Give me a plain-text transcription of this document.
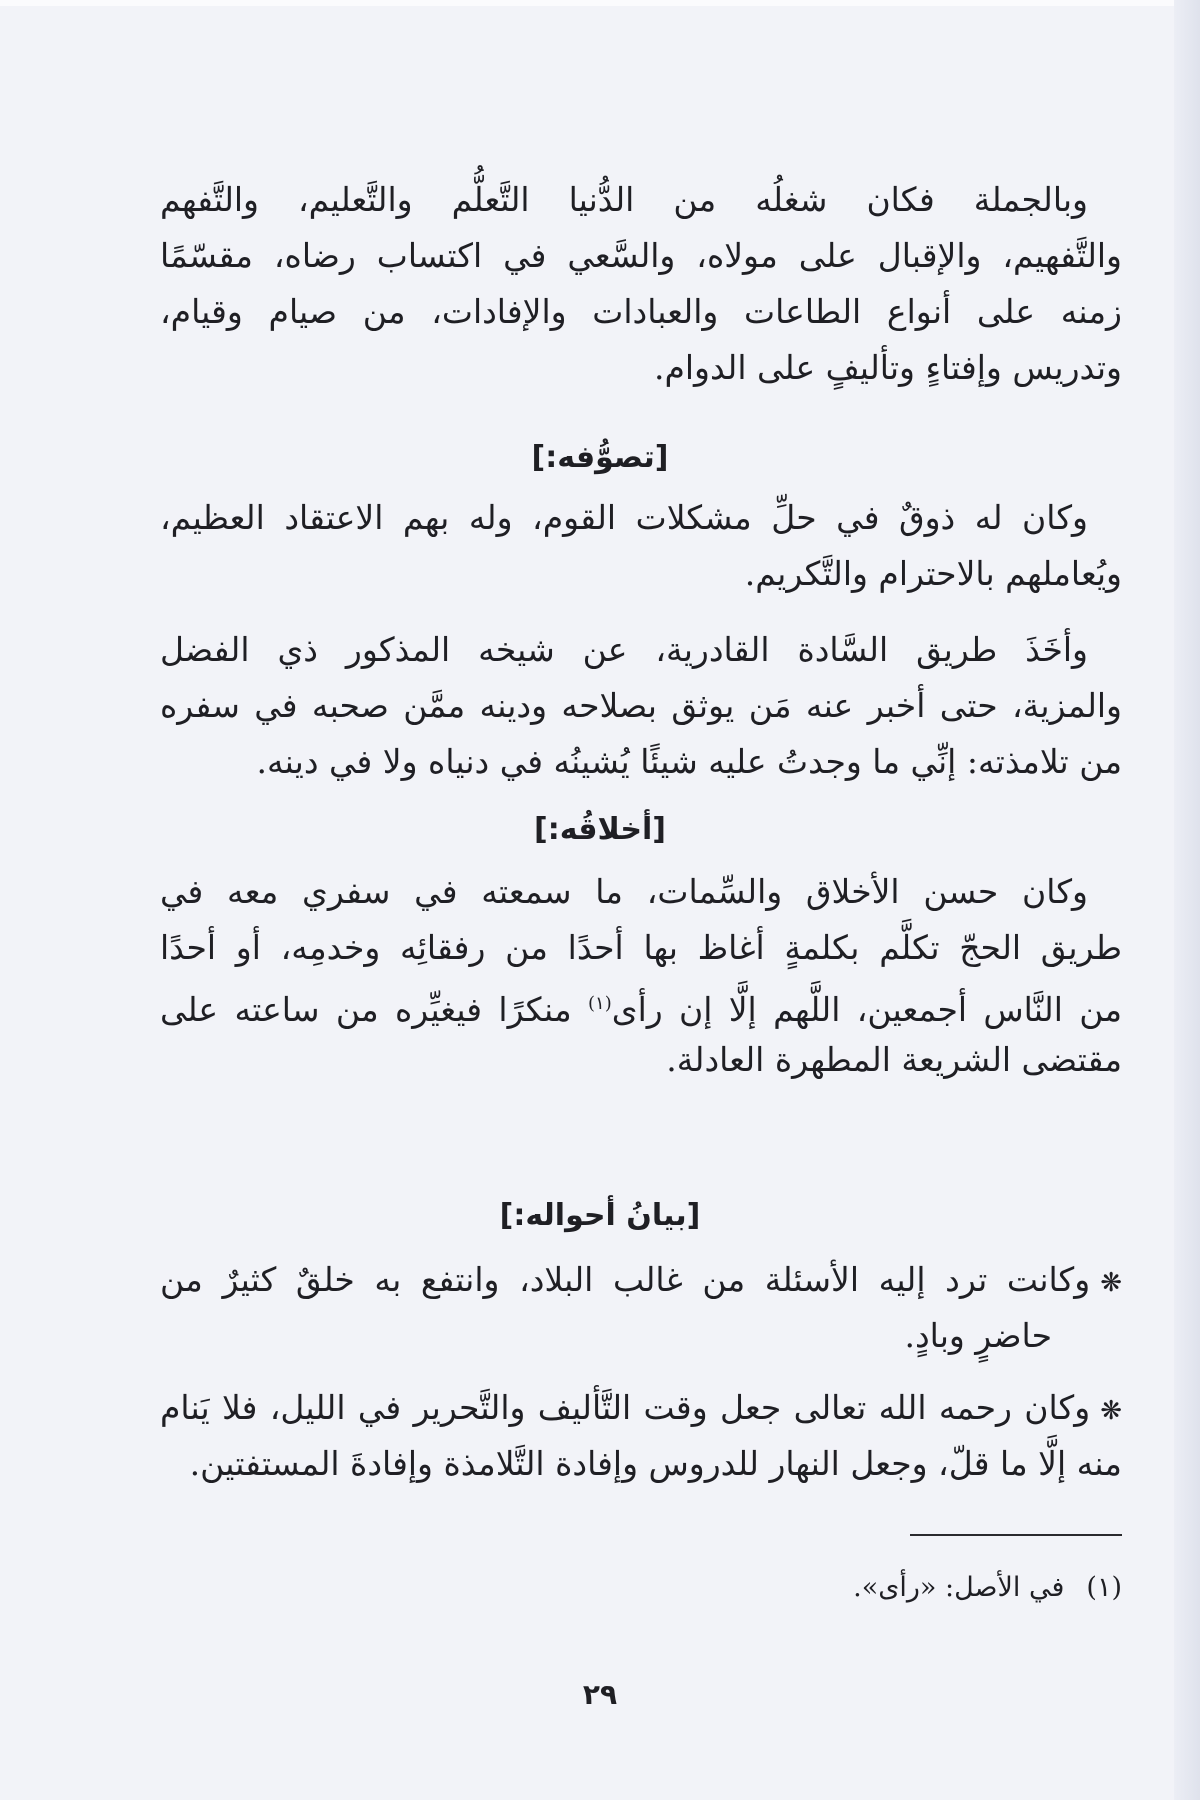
وبالجملة فكان شغلُه من الدُّنيا التَّعلُّم والتَّعليم، والتَّفهم
والتَّفهيم، والإقبال على مولاه، والسَّعي في اكتساب رضاه، مقسّمًا
زمنه على أنواع الطاعات والعبادات والإفادات، من صيام وقيام،
وتدريس وإفتاءٍ وتأليفٍ على الدوام.
[تصوُّفه:]
وكان له ذوقٌ في حلِّ مشكلات القوم، وله بهم الاعتقاد العظيم،
ويُعاملهم بالاحترام والتَّكريم.
وأخَذَ طريق السَّادة القادرية، عن شيخه المذكور ذي الفضل
والمزية، حتى أخبر عنه مَن يوثق بصلاحه ودينه ممَّن صحبه في سفره
من تلامذته: إنِّي ما وجدتُ عليه شيئًا يُشينُه في دنياه ولا في دينه.
[أخلاقُه:]
وكان حسن الأخلاق والسِّمات، ما سمعته في سفري معه في
طريق الحجّ تكلَّم بكلمةٍ أغاظ بها أحدًا من رفقائِه وخدمِه، أو أحدًا
من النَّاس أجمعين، اللَّهم إلَّا إن رأى$^{(١)}$ منكرًا فيغيِّره من ساعته على
مقتضى الشريعة المطهرة العادلة.
[بيانُ أحواله:]
❋وكانت ترد إليه الأسئلة من غالب البلاد، وانتفع به خلقٌ كثيرٌ من
حاضرٍ وبادٍ.
❋وكان رحمه الله تعالى جعل وقت التَّأليف والتَّحرير في الليل، فلا يَنام
منه إلَّا ما قلّ، وجعل النهار للدروس وإفادة التَّلامذة وإفادةَ المستفتين.
(١)في الأصل: «رأى».
٢٩
